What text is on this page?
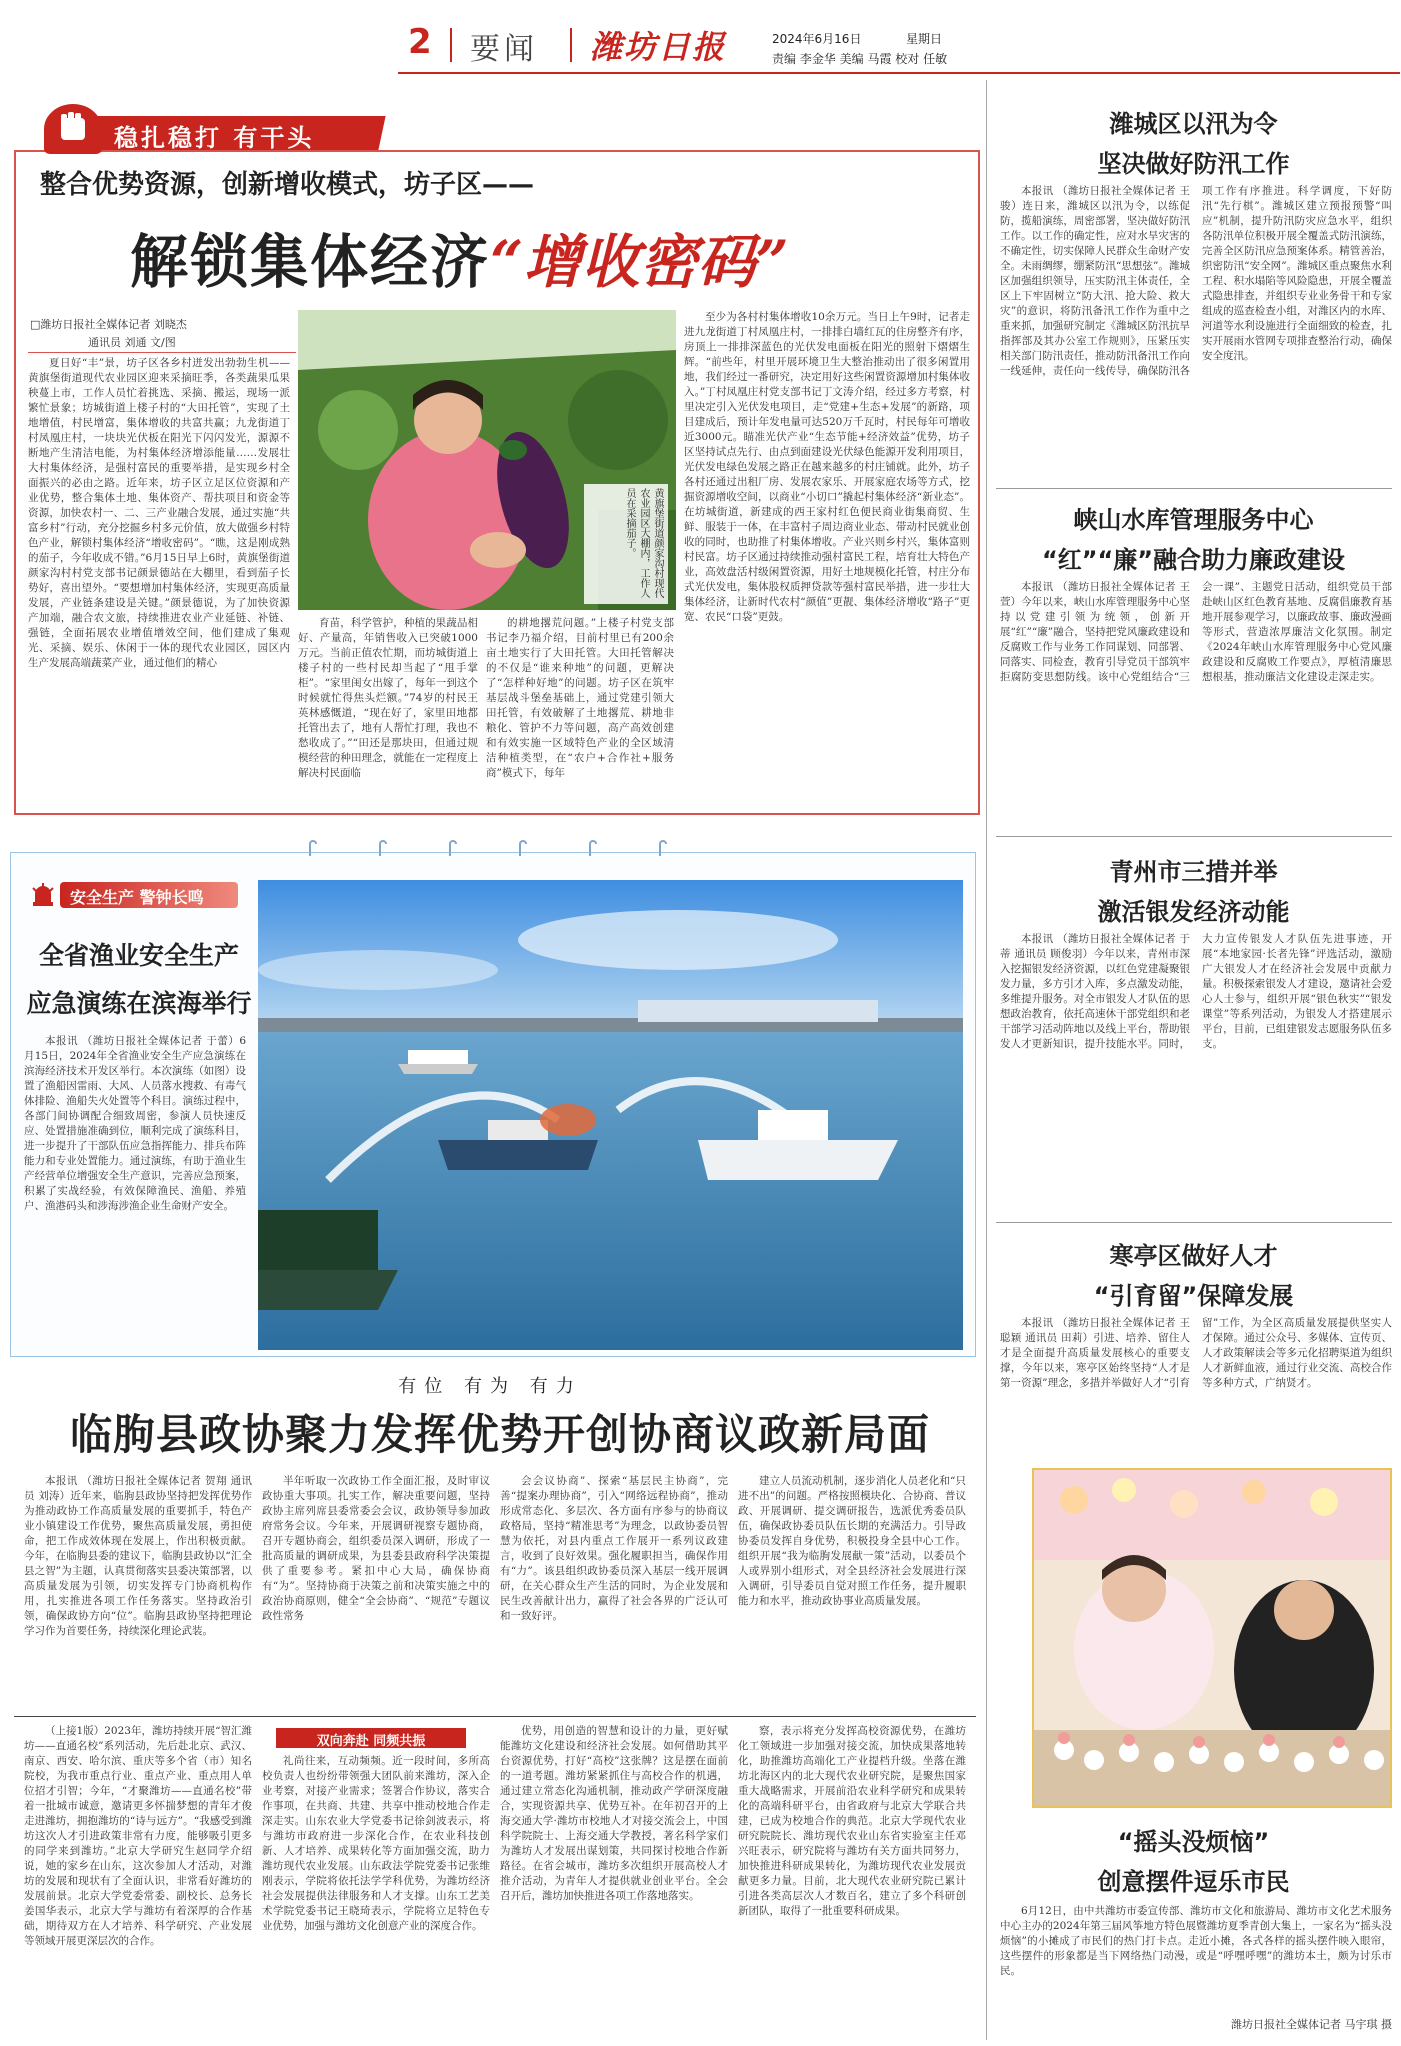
2 要闻 潍坊日报	2024年6月16日	星期日
责编 李金华 美编 马霞 校对 任敏
稳扎稳打 有干头
整合优势资源，创新增收模式，坊子区——
解锁集体经济“增收密码”
□潍坊日报社全媒体记者 刘晓杰
通讯员 刘通 文/图
黄旗堡街道颜家沟村现代农业园区大棚内，工作人员在采摘茄子。
夏日好“丰”景，坊子区各乡村迸发出勃勃生机——黄旗堡街道现代农业园区迎来采摘旺季，各类蔬果瓜果秧蔓上市，工作人员忙着挑选、采摘、搬运，现场一派繁忙景象；坊城街道上楼子村的“大田托管”，实现了土地增值，村民增富，集体增收的共富共赢；九龙街道丁村凤凰庄村，一块块光伏板在阳光下闪闪发光，源源不断地产生清洁电能，为村集体经济增添能量……发展壮大村集体经济，是强村富民的重要举措，是实现乡村全面振兴的必由之路。近年来，坊子区立足区位资源和产业优势，整合集体土地、集体资产、帮扶项目和资金等资源，加快农村一、二、三产业融合发展，通过实施“共富乡村”行动，充分挖掘乡村多元价值，放大做强乡村特色产业，解锁村集体经济“增收密码”。“瞧，这是刚成熟的茄子，今年收成不错。”6月15日早上6时，黄旗堡街道颜家沟村村党支部书记颜景德站在大棚里，看到茄子长势好，喜出望外。“要想增加村集体经济，实现更高质量发展，产业链条建设是关键。”颜景德说，为了加快资源产加端，融合农文旅，持续推进农业产业延链、补链、强链，全面拓展农业增值增效空间，他们建成了集观光、采摘、娱乐、休闲于一体的现代农业园区，园区内生产发展高端蔬菜产业，通过他们的精心
育苗，科学管护，种植的果蔬品相好、产量高，年销售收入已突破1000万元。当前正值农忙期，而坊城街道上楼子村的一些村民却当起了“甩手掌柜”。“家里闺女出嫁了，每年一到这个时候就忙得焦头烂额。”74岁的村民王英林感慨道，“现在好了，家里田地都托管出去了，地有人帮忙打理，我也不愁收成了。”“田还是那块田，但通过规模经营的种田理念，就能在一定程度上解决村民面临
的耕地撂荒问题。”上楼子村党支部书记李乃福介绍，目前村里已有200余亩土地实行了大田托管。大田托管解决的不仅是“谁来种地”的问题，更解决了“怎样种好地”的问题。坊子区在筑牢基层战斗堡垒基础上，通过党建引领大田托管，有效破解了土地撂荒、耕地非粮化、管护不力等问题，高产高效创建和有效实施一区域特色产业的全区域清洁种植类型，在“农户+合作社+服务商”模式下，每年
至少为各村村集体增收10余万元。当日上午9时，记者走进九龙街道丁村凤凰庄村，一排排白墙红瓦的住房整齐有序，房顶上一排排深蓝色的光伏发电面板在阳光的照射下熠熠生辉。“前些年，村里开展环境卫生大整治推动出了很多闲置用地，我们经过一番研究，决定用好这些闲置资源增加村集体收入。”丁村凤凰庄村党支部书记丁文涛介绍，经过多方考察，村里决定引入光伏发电项目，走“党建+生态+发展”的新路，项目建成后，预计年发电量可达520万千瓦时，村民每年可增收近3000元。瞄准光伏产业“生态节能+经济效益”优势，坊子区坚持试点先行、由点到面建设光伏绿色能源开发利用项目，光伏发电绿色发展之路正在越来越多的村庄铺就。此外，坊子各村还通过出租厂房、发展农家乐、开展家庭农场等方式，挖掘资源增收空间，以商业“小切口”撬起村集体经济“新业态”。在坊城街道，新建成的西王家村红色便民商业街集商贸、生鲜、服装于一体，在丰富村子周边商业业态、带动村民就业创收的同时，也助推了村集体增收。产业兴则乡村兴，集体富则村民富。坊子区通过持续推动强村富民工程，培育壮大特色产业，高效盘活村级闲置资源，用好土地规模化托管，村庄分布式光伏发电，集体股权质押贷款等强村富民举措，进一步壮大集体经济，让新时代农村“颜值”更靓、集体经济增收“路子”更宽、农民“口袋”更鼓。
安全生产 警钟长鸣
全省渔业安全生产
应急演练在滨海举行
本报讯 （潍坊日报社全媒体记者 于蕾）6月15日，2024年全省渔业安全生产应急演练在滨海经济技术开发区举行。本次演练（如图）设置了渔船因雷雨、大风、人员落水搜救、有毒气体排险、渔船失火处置等个科目。演练过程中，各部门间协调配合细致周密，参演人员快速反应、处置措施准确到位，顺利完成了演练科目，进一步提升了干部队伍应急指挥能力、排兵布阵能力和专业处置能力。通过演练，有助于渔业生产经营单位增强安全生产意识，完善应急预案，积累了实战经验，有效保障渔民、渔船、养殖户、渔港码头和涉海涉渔企业生命财产安全。
有位 有为 有力
临朐县政协聚力发挥优势开创协商议政新局面
本报讯 （潍坊日报社全媒体记者 贺翔 通讯员 刘涛）近年来，临朐县政协坚持把发挥优势作为推动政协工作高质量发展的重要抓手，特色产业小镇建设工作优势，聚焦高质量发展，勇担使命，把工作成效体现在发展上，作出积极贡献。今年，在临朐县委的建议下，临朐县政协以“汇全县之智”为主题，认真贯彻落实县委决策部署，以高质量发展为引领，切实发挥专门协商机构作用，扎实推进各项工作任务落实。坚持政治引领，确保政协方向“位”。临朐县政协坚持把理论学习作为首要任务，持续深化理论武装。
半年听取一次政协工作全面汇报，及时审议政协重大事项。扎实工作，解决重要问题，坚持政协主席列席县委常委会会议，政协领导参加政府常务会议。今年来，开展调研视察专题协商，召开专题协商会，组织委员深入调研，形成了一批高质量的调研成果，为县委县政府科学决策提供了重要参考。紧扣中心大局，确保协商有“为”。坚持协商于决策之前和决策实施之中的政治协商原则，健全“全会协商”、“规范”专题议政性常务
会会议协商”、探索“基层民主协商”，完善“提案办理协商”，引入“网络远程协商”，推动形成常态化、多层次、各方面有序参与的协商议政格局，坚持“精准思考”为理念，以政协委员智慧为依托，对县内重点工作展开一系列议政建言，收到了良好效果。强化履职担当，确保作用有“力”。该县组织政协委员深入基层一线开展调研，在关心群众生产生活的同时，为企业发展和民生改善献计出力，赢得了社会各界的广泛认可和一致好评。
建立人员流动机制，逐步消化人员老化和“只进不出”的问题。严格按照模块化、合协商、普议政、开展调研、提交调研报告，选派优秀委员队伍，确保政协委员队伍长期的充满活力。引导政协委员发挥自身优势，积极投身全县中心工作。组织开展“我为临朐发展献一策”活动，以委员个人或界别小组形式，对全县经济社会发展进行深入调研，引导委员自觉对照工作任务，提升履职能力和水平，推动政协事业高质量发展。
（上接1版）2023年，潍坊持续开展“智汇潍坊——直通名校”系列活动，先后赴北京、武汉、南京、西安、哈尔滨、重庆等多个省（市）知名院校，为我市重点行业、重点产业、重点用人单位招才引智；今年，“才聚潍坊——直通名校”带着一批城市诚意，邀请更多怀揣梦想的青年才俊走进潍坊，拥抱潍坊的“诗与远方”。“我感受到潍坊这次人才引进政策非常有力度，能够吸引更多的同学来到潍坊。”北京大学研究生赵同学介绍说，她的家乡在山东，这次参加人才活动，对潍坊的发展和现状有了全面认识，非常看好潍坊的发展前景。北京大学党委常委、副校长、总务长姜国华表示，北京大学与潍坊有着深厚的合作基础，期待双方在人才培养、科学研究、产业发展等领域开展更深层次的合作。
双向奔赴 同频共振
礼尚往来，互动频频。近一段时间，多所高校负责人也纷纷带领强大团队前来潍坊，深入企业考察，对接产业需求；签署合作协议，落实合作事项，在共商、共建、共享中推动校地合作走深走实。山东农业大学党委书记徐剑波表示，将与潍坊市政府进一步深化合作，在农业科技创新、人才培养、成果转化等方面加强交流，助力潍坊现代农业发展。山东政法学院党委书记张维刚表示，学院将依托法学学科优势，为潍坊经济社会发展提供法律服务和人才支撑。山东工艺美术学院党委书记王晓琦表示，学院将立足特色专业优势，加强与潍坊文化创意产业的深度合作。
优势，用创造的智慧和设计的力量，更好赋能潍坊文化建设和经济社会发展。如何借助其平台资源优势，打好“高校”这张牌？这是摆在面前的一道考题。潍坊紧紧抓住与高校合作的机遇，通过建立常态化沟通机制，推动政产学研深度融合，实现资源共享、优势互补。在年初召开的上海交通大学·潍坊市校地人才对接交流会上，中国科学院院士、上海交通大学教授，著名科学家们为潍坊人才发展出谋划策，共同探讨校地合作新路径。在省会城市，潍坊多次组织开展高校人才推介活动，为青年人才提供就业创业平台。全会召开后，潍坊加快推进各项工作落地落实。
察，表示将充分发挥高校资源优势，在潍坊化工领域进一步加强对接交流，加快成果落地转化，助推潍坊高端化工产业提档升级。坐落在潍坊北海区内的北大现代农业研究院，是聚焦国家重大战略需求，开展前沿农业科学研究和成果转化的高端科研平台，由省政府与北京大学联合共建，已成为校地合作的典范。北京大学现代农业研究院院长、潍坊现代农业山东省实验室主任邓兴旺表示，研究院将与潍坊有关方面共同努力，加快推进科研成果转化，为潍坊现代农业发展贡献更多力量。目前，北大现代农业研究院已累计引进各类高层次人才数百名，建立了多个科研创新团队，取得了一批重要科研成果。
潍城区以汛为令
坚决做好防汛工作
本报讯 （潍坊日报社全媒体记者 王骏）连日来，潍城区以汛为令，以练促防，揽船演练，周密部署，坚决做好防汛工作。以工作的确定性，应对水旱灾害的不确定性，切实保障人民群众生命财产安全。未雨绸缪，绷紧防汛“思想弦”。潍城区加强组织领导，压实防汛主体责任，全区上下牢固树立“防大汛、抢大险、救大灾”的意识，将防汛备汛工作作为重中之重来抓，加强研究制定《潍城区防汛抗旱指挥部及其办公室工作规则》，压紧压实相关部门防汛责任，推动防汛备汛工作向一线延伸，责任向一线传导，确保防汛各项工作有序推进。科学调度，下好防汛“先行棋”。潍城区建立预报预警“叫应”机制，提升防汛防灾应急水平，组织各防汛单位积极开展全覆盖式防汛演练，完善全区防汛应急预案体系。精管善治，织密防汛“安全网”。潍城区重点聚焦水利工程、积水塌陷等风险隐患，开展全覆盖式隐患排查，并组织专业业务骨干和专家组成的巡查检查小组，对潍区内的水库、河道等水利设施进行全面细致的检查，扎实开展雨水管网专项排查整治行动，确保安全度汛。
峡山水库管理服务中心
“红”“廉”融合助力廉政建设
本报讯 （潍坊日报社全媒体记者 王萱）今年以来，峡山水库管理服务中心坚持以党建引领为统领，创新开展“红”“廉”融合，坚持把党风廉政建设和反腐败工作与业务工作同谋划、同部署、同落实、同检查，教育引导党员干部筑牢拒腐防变思想防线。该中心党组结合“三会一课”、主题党日活动，组织党员干部赴峡山区红色教育基地、反腐倡廉教育基地开展参观学习，以廉政故事、廉政漫画等形式，营造浓厚廉洁文化氛围。制定《2024年峡山水库管理服务中心党风廉政建设和反腐败工作要点》，厚植清廉思想根基，推动廉洁文化建设走深走实。
青州市三措并举
激活银发经济动能
本报讯 （潍坊日报社全媒体记者 于蒂 通讯员 顾俊羽）今年以来，青州市深入挖掘银发经济资源，以红色党建凝聚银发力量，多方引才入库，多点激发动能，多维提升服务。对全市银发人才队伍的思想政治教育，依托高速休干部党组织和老干部学习活动阵地以及线上平台，帮助银发人才更新知识，提升技能水平。同时，大力宣传银发人才队伍先进事迹，开展“本地家园·长者先锋”评选活动，激励广大银发人才在经济社会发展中贡献力量。积极探索银发人才建设，邀请社会爱心人士参与，组织开展“银色秋实”“银发课堂”等系列活动，为银发人才搭建展示平台，目前，已组建银发志愿服务队伍多支。
寒亭区做好人才
“引育留”保障发展
本报讯 （潍坊日报社全媒体记者 王聪颖 通讯员 田莉）引进、培养、留住人才是全面提升高质量发展核心的重要支撑，今年以来，寒亭区始终坚持“人才是第一资源”理念，多措并举做好人才“引育留”工作，为全区高质量发展提供坚实人才保障。通过公众号、多媒体、宣传页、人才政策解读会等多元化招聘渠道为组织人才新鲜血液，通过行业交流、高校合作等多种方式，广纳贤才。
“摇头没烦恼”
创意摆件逗乐市民
6月12日，由中共潍坊市委宣传部、潍坊市文化和旅游局、潍坊市文化艺术服务中心主办的2024年第三届风筝地方特色展暨潍坊夏季青创大集上，一家名为“摇头没烦恼”的小摊成了市民们的热门打卡点。走近小摊，各式各样的摇头摆件映入眼帘，这些摆件的形象都是当下网络热门动漫，或是“呼嘿呼嘿”的潍坊本土，颇为讨乐市民。
潍坊日报社全媒体记者 马宇琪 摄
